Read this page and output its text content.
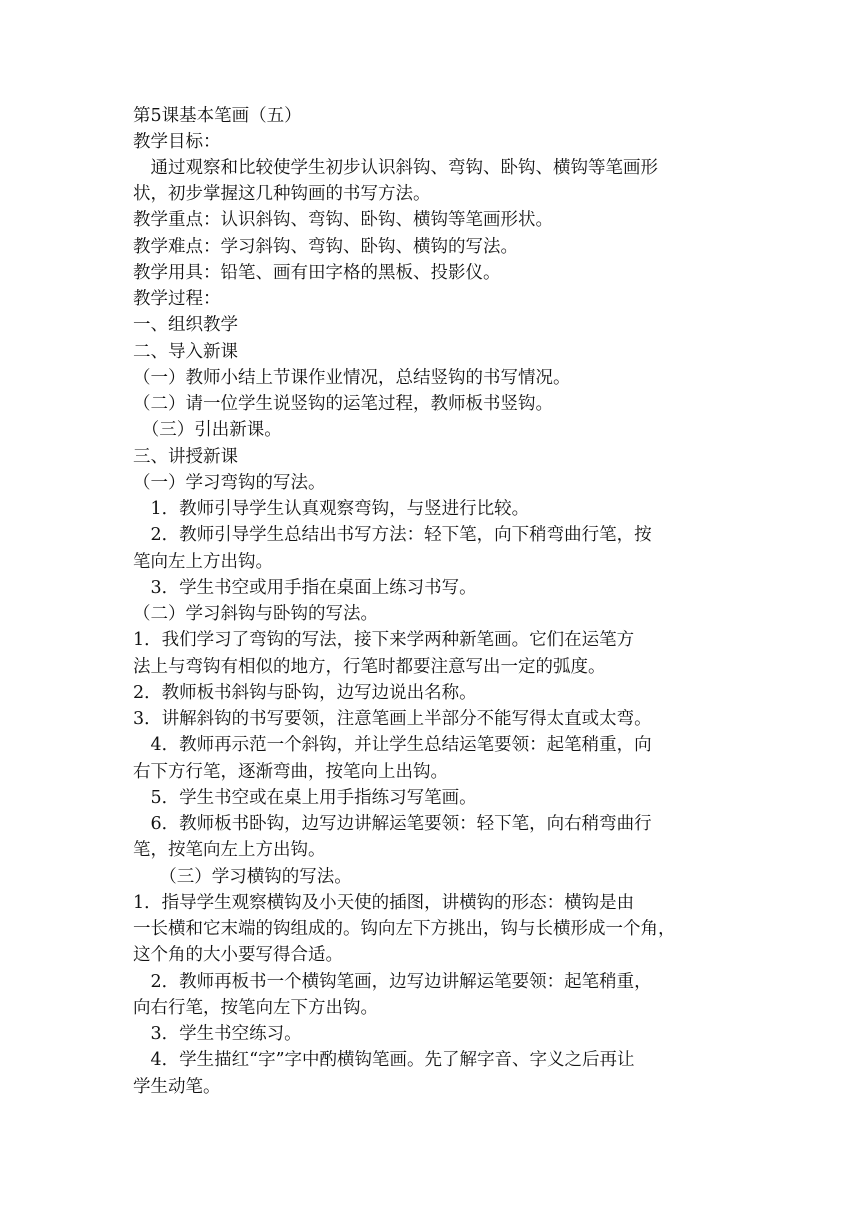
第5课基本笔画（五）
教学目标：
　通过观察和比较使学生初步认识斜钩、弯钩、卧钩、横钩等笔画形
状，初步掌握这几种钩画的书写方法。
教学重点：认识斜钩、弯钩、卧钩、横钩等笔画形状。
教学难点：学习斜钩、弯钩、卧钩、横钩的写法。
教学用具：铅笔、画有田字格的黑板、投影仪。
教学过程：
一、组织教学
二、导入新课
（一）教师小结上节课作业情况，总结竖钩的书写情况。
（二）请一位学生说竖钩的运笔过程，教师板书竖钩。
　（三）引出新课。
三、讲授新课
（一）学习弯钩的写法。
　1．教师引导学生认真观察弯钩，与竖进行比较。
　2．教师引导学生总结出书写方法：轻下笔，向下稍弯曲行笔，按
笔向左上方出钩。
　3．学生书空或用手指在桌面上练习书写。
（二）学习斜钩与卧钩的写法。
1．我们学习了弯钩的写法，接下来学两种新笔画。它们在运笔方
法上与弯钩有相似的地方，行笔时都要注意写出一定的弧度。
2．教师板书斜钩与卧钩，边写边说出名称。
3．讲解斜钩的书写要领，注意笔画上半部分不能写得太直或太弯。
　4．教师再示范一个斜钩，并让学生总结运笔要领：起笔稍重，向
右下方行笔，逐渐弯曲，按笔向上出钩。
　5．学生书空或在桌上用手指练习写笔画。
　6．教师板书卧钩，边写边讲解运笔要领：轻下笔，向右稍弯曲行
笔，按笔向左上方出钩。
　　（三）学习横钩的写法。
1．指导学生观察横钩及小天使的插图，讲横钩的形态：横钩是由
一长横和它末端的钩组成的。钩向左下方挑出，钩与长横形成一个角，
这个角的大小要写得合适。
　2．教师再板书一个横钩笔画，边写边讲解运笔要领：起笔稍重，
向右行笔，按笔向左下方出钩。
　3．学生书空练习。
　4．学生描红“字”字中酌横钩笔画。先了解字音、字义之后再让
学生动笔。
